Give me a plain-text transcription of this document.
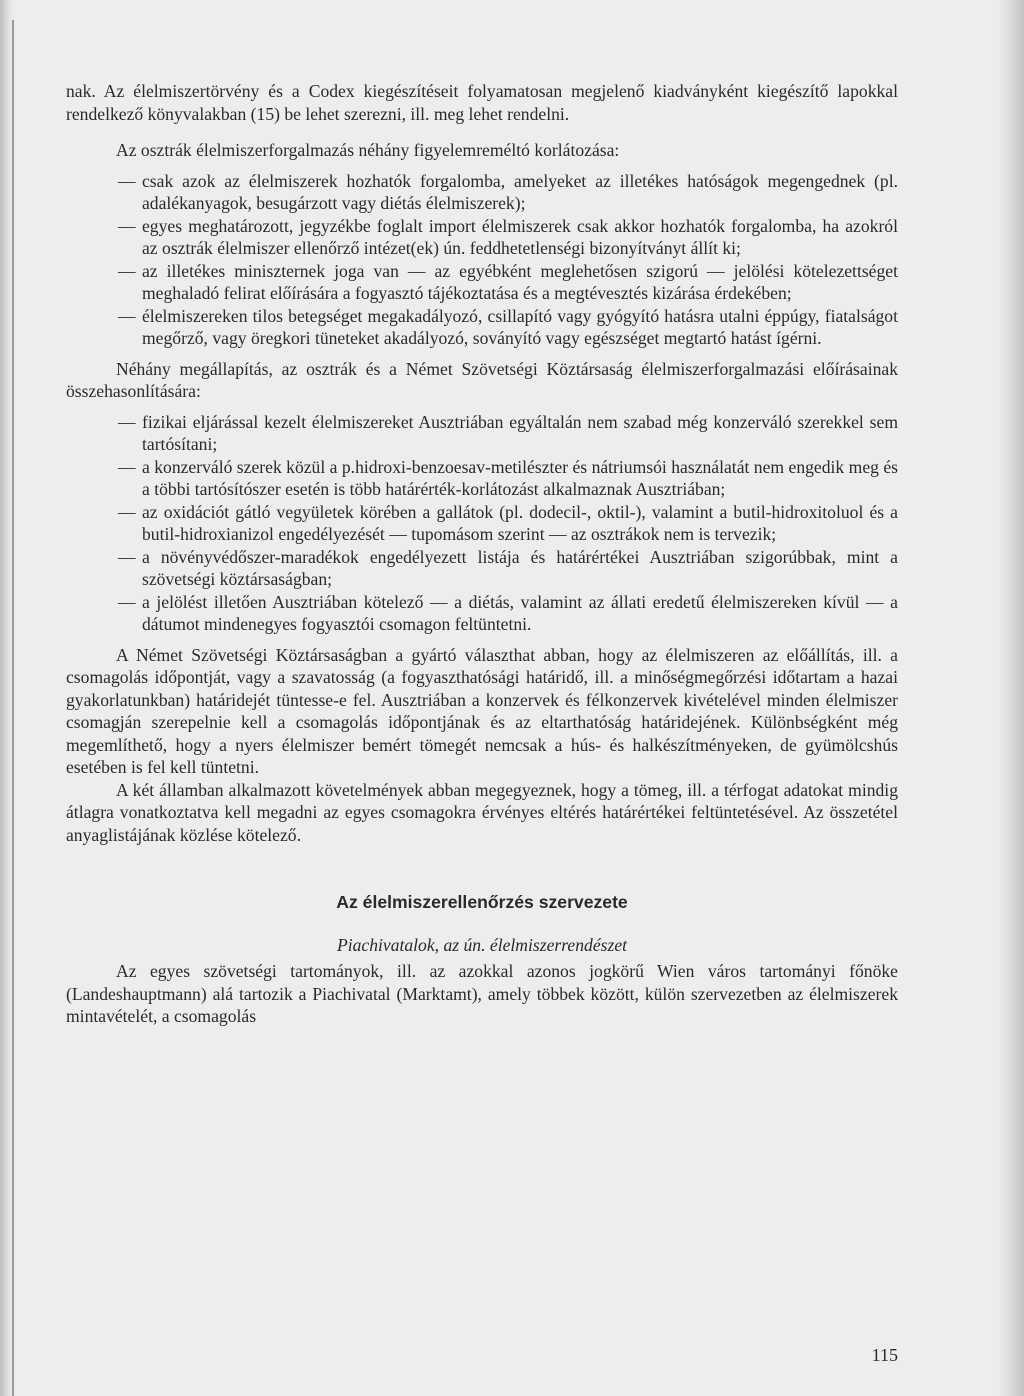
nak. Az élelmiszertörvény és a Codex kiegészítéseit folyamatosan megjelenő kiadványként kiegészítő lapokkal rendelkező könyvalakban (15) be lehet szerezni, ill. meg lehet rendelni.

Az osztrák élelmiszerforgalmazás néhány figyelemreméltó korlátozása:

— csak azok az élelmiszerek hozhatók forgalomba, amelyeket az illetékes hatóságok megengednek (pl. adalékanyagok, besugárzott vagy diétás élelmiszerek);
— egyes meghatározott, jegyzékbe foglalt import élelmiszerek csak akkor hozhatók forgalomba, ha azokról az osztrák élelmiszer ellenőrző intézet(ek) ún. feddhetetlenségi bizonyítványt állít ki;
— az illetékes miniszternek joga van — az egyébként meglehetősen szigorú — jelölési kötelezettséget meghaladó felirat előírására a fogyasztó tájékoztatása és a megtévesztés kizárása érdekében;
— élelmiszereken tilos betegséget megakadályozó, csillapító vagy gyógyító hatásra utalni éppúgy, fiatalságot megőrző, vagy öregkori tüneteket akadályozó, soványító vagy egészséget megtartó hatást ígérni.

Néhány megállapítás, az osztrák és a Német Szövetségi Köztársaság élelmiszerforgalmazási előírásainak összehasonlítására:

— fizikai eljárással kezelt élelmiszereket Ausztriában egyáltalán nem szabad még konzerváló szerekkel sem tartósítani;
— a konzerváló szerek közül a p.hidroxi-benzoesav-metilészter és nátriumsói használatát nem engedik meg és a többi tartósítószer esetén is több határérték-korlátozást alkalmaznak Ausztriában;
— az oxidációt gátló vegyületek körében a gallátok (pl. dodecil-, oktil-), valamint a butil-hidroxitoluol és a butil-hidroxianizol engedélyezését — tupomásom szerint — az osztrákok nem is tervezik;
— a növényvédőszer-maradékok engedélyezett listája és határértékei Ausztriában szigorúbbak, mint a szövetségi köztársaságban;
— a jelölést illetően Ausztriában kötelező — a diétás, valamint az állati eredetű élelmiszereken kívül — a dátumot mindenegyes fogyasztói csomagon feltüntetni.

A Német Szövetségi Köztársaságban a gyártó választhat abban, hogy az élelmiszeren az előállítás, ill. a csomagolás időpontját, vagy a szavatosság (a fogyaszthatósági határidő, ill. a minőségmegőrzési időtartam a hazai gyakorlatunkban) határidejét tüntesse-e fel. Ausztriában a konzervek és félkonzervek kivételével minden élelmiszer csomagján szerepelnie kell a csomagolás időpontjának és az eltarthatóság határidejének. Különbségként még megemlíthető, hogy a nyers élelmiszer bemért tömegét nemcsak a hús- és halkészítményeken, de gyümölcshús esetében is fel kell tüntetni.

A két államban alkalmazott követelmények abban megegyeznek, hogy a tömeg, ill. a térfogat adatokat mindig átlagra vonatkoztatva kell megadni az egyes csomagokra érvényes eltérés határértékei feltüntetésével. Az összetétel anyaglistájának közlése kötelező.

Az élelmiszerellenőrzés szervezete
Piachivatalok, az ún. élelmiszerrendészet

Az egyes szövetségi tartományok, ill. az azokkal azonos jogkörű Wien város tartományi főnöke (Landeshauptmann) alá tartozik a Piachivatal (Marktamt), amely többek között, külön szervezetben az élelmiszerek mintavételét, a csomagolás

115
